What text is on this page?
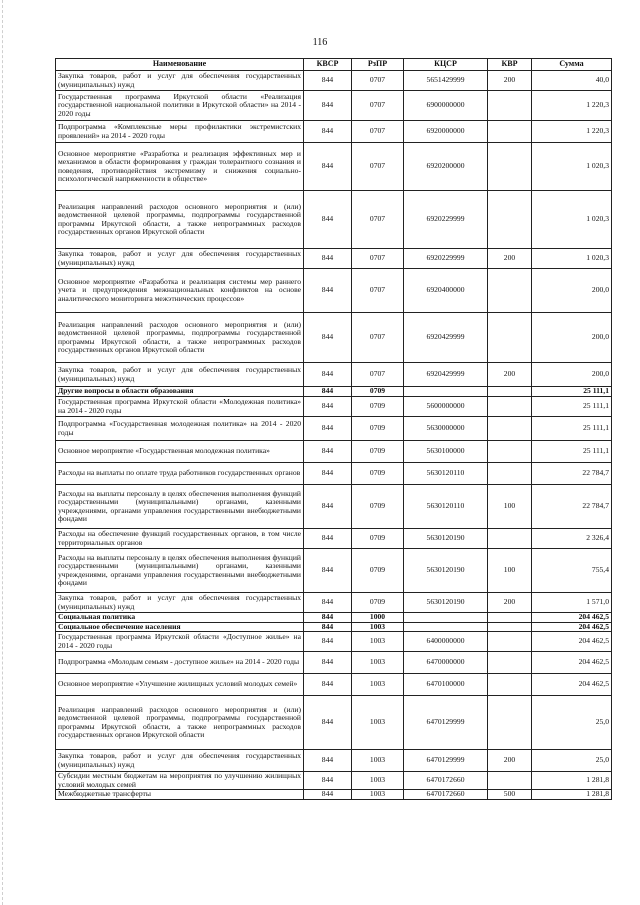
116
Наименование	КВСР	РзПР	КЦСР	КВР	Сумма
Закупка товаров, работ и услуг для обеспечения государственных (муниципальных) нужд	844	0707	5651429999	200	40,0
Государственная программа Иркутской области «Реализация государственной национальной политики в Иркутской области» на 2014 - 2020 годы	844	0707	6900000000		1 220,3
Подпрограмма «Комплексные меры профилактики экстремистских проявлений» на 2014 - 2020 годы	844	0707	6920000000		1 220,3
Основное мероприятие «Разработка и реализация эффективных мер и механизмов в области формирования у граждан толерантного сознания и поведения, противодействия экстремизму и снижения социально-психологической напряженности в обществе»	844	0707	6920200000		1 020,3
Реализация направлений расходов основного мероприятия и (или) ведомственной целевой программы, подпрограммы государственной программы Иркутской области, а также непрограммных расходов государственных органов Иркутской области	844	0707	6920229999		1 020,3
Закупка товаров, работ и услуг для обеспечения государственных (муниципальных) нужд	844	0707	6920229999	200	1 020,3
Основное мероприятие «Разработка и реализация системы мер раннего учета и предупреждения межнациональных конфликтов на основе аналитического мониторинга межэтнических процессов»	844	0707	6920400000		200,0
Реализация направлений расходов основного мероприятия и (или) ведомственной целевой программы, подпрограммы государственной программы Иркутской области, а также непрограммных расходов государственных органов Иркутской области	844	0707	6920429999		200,0
Закупка товаров, работ и услуг для обеспечения государственных (муниципальных) нужд	844	0707	6920429999	200	200,0
Другие вопросы в области образования	844	0709			25 111,1
Государственная программа Иркутской области «Молодежная политика» на 2014 - 2020 годы	844	0709	5600000000		25 111,1
Подпрограмма «Государственная молодежная политика» на 2014 - 2020 годы	844	0709	5630000000		25 111,1
Основное мероприятие «Государственная молодежная политика»	844	0709	5630100000		25 111,1
Расходы на выплаты по оплате труда работников государственных органов	844	0709	5630120110		22 784,7
Расходы на выплаты персоналу в целях обеспечения выполнения функций государственными (муниципальными) органами, казенными учреждениями, органами управления государственными внебюджетными фондами	844	0709	5630120110	100	22 784,7
Расходы на обеспечение функций государственных органов, в том числе территориальных органов	844	0709	5630120190		2 326,4
Расходы на выплаты персоналу в целях обеспечения выполнения функций государственными (муниципальными) органами, казенными учреждениями, органами управления государственными внебюджетными фондами	844	0709	5630120190	100	755,4
Закупка товаров, работ и услуг для обеспечения государственных (муниципальных) нужд	844	0709	5630120190	200	1 571,0
Социальная политика	844	1000			204 462,5
Социальное обеспечение населения	844	1003			204 462,5
Государственная программа Иркутской области «Доступное жилье» на 2014 - 2020 годы	844	1003	6400000000		204 462,5
Подпрограмма «Молодым семьям - доступное жилье» на 2014 - 2020 годы	844	1003	6470000000		204 462,5
Основное мероприятие «Улучшение жилищных условий молодых семей»	844	1003	6470100000		204 462,5
Реализация направлений расходов основного мероприятия и (или) ведомственной целевой программы, подпрограммы государственной программы Иркутской области, а также непрограммных расходов государственных органов Иркутской области	844	1003	6470129999		25,0
Закупка товаров, работ и услуг для обеспечения государственных (муниципальных) нужд	844	1003	6470129999	200	25,0
Субсидии местным бюджетам на мероприятия по улучшению жилищных условий молодых семей	844	1003	6470172660		1 281,8
Межбюджетные трансферты	844	1003	6470172660	500	1 281,8
